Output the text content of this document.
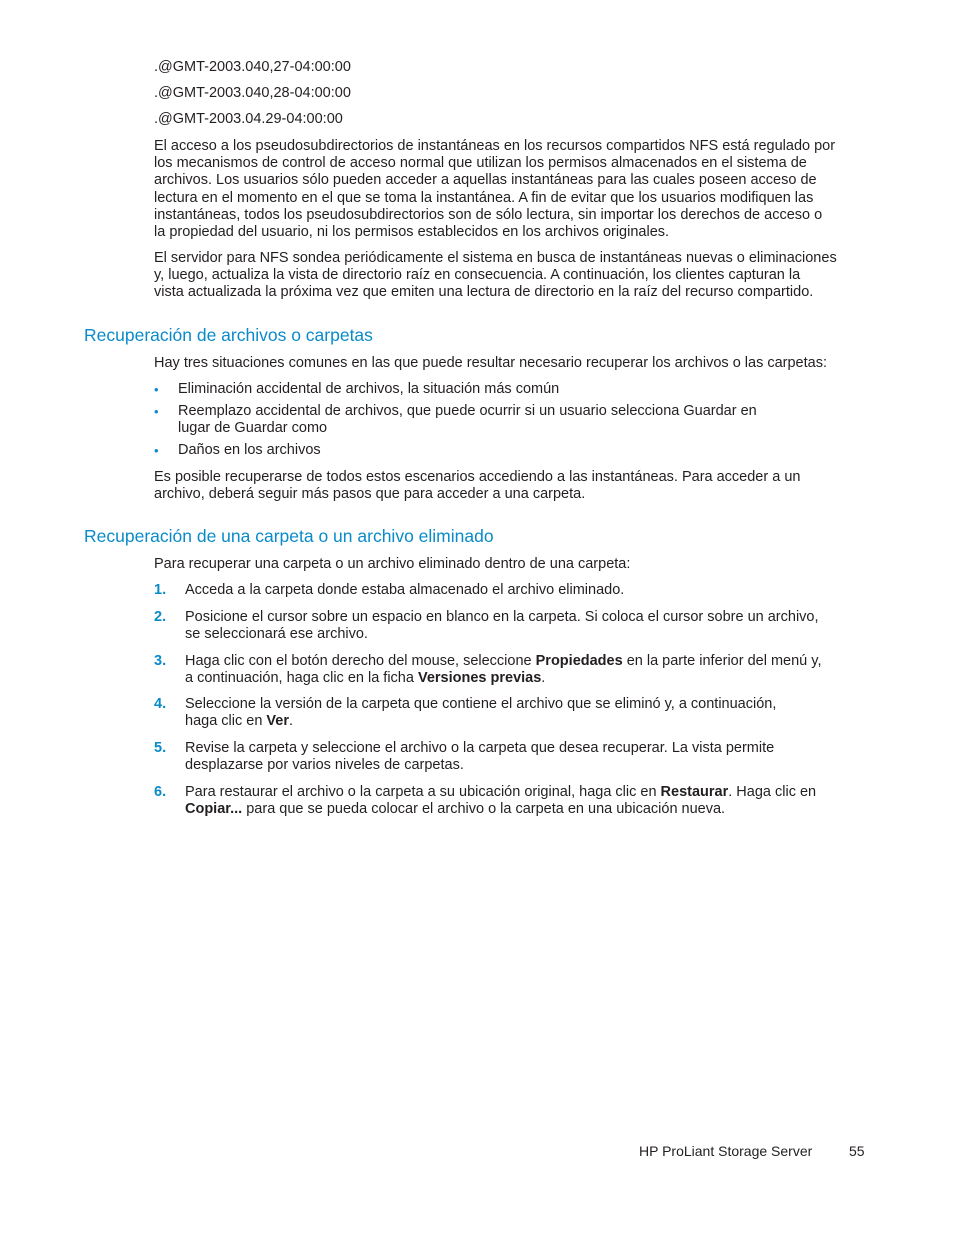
.@GMT-2003.040,27-04:00:00

.@GMT-2003.040,28-04:00:00

.@GMT-2003.04.29-04:00:00

El acceso a los pseudosubdirectorios de instantáneas en los recursos compartidos NFS está regulado por
los mecanismos de control de acceso normal que utilizan los permisos almacenados en el sistema de
archivos. Los usuarios sólo pueden acceder a aquellas instantáneas para las cuales poseen acceso de
lectura en el momento en el que se toma la instantánea. A fin de evitar que los usuarios modifiquen las
instantáneas, todos los pseudosubdirectorios son de sólo lectura, sin importar los derechos de acceso o
la propiedad del usuario, ni los permisos establecidos en los archivos originales.

El servidor para NFS sondea periódicamente el sistema en busca de instantáneas nuevas o eliminaciones
y, luego, actualiza la vista de directorio raíz en consecuencia. A continuación, los clientes capturan la
vista actualizada la próxima vez que emiten una lectura de directorio en la raíz del recurso compartido.

Recuperación de archivos o carpetas

Hay tres situaciones comunes en las que puede resultar necesario recuperar los archivos o las carpetas:

• Eliminación accidental de archivos, la situación más común
• Reemplazo accidental de archivos, que puede ocurrir si un usuario selecciona Guardar en
lugar de Guardar como
• Daños en los archivos

Es posible recuperarse de todos estos escenarios accediendo a las instantáneas. Para acceder a un
archivo, deberá seguir más pasos que para acceder a una carpeta.

Recuperación de una carpeta o un archivo eliminado

Para recuperar una carpeta o un archivo eliminado dentro de una carpeta:

1. Acceda a la carpeta donde estaba almacenado el archivo eliminado.
2. Posicione el cursor sobre un espacio en blanco en la carpeta. Si coloca el cursor sobre un archivo,
se seleccionará ese archivo.
3. Haga clic con el botón derecho del mouse, seleccione Propiedades en la parte inferior del menú y,
a continuación, haga clic en la ficha Versiones previas.
4. Seleccione la versión de la carpeta que contiene el archivo que se eliminó y, a continuación,
haga clic en Ver.
5. Revise la carpeta y seleccione el archivo o la carpeta que desea recuperar. La vista permite
desplazarse por varios niveles de carpetas.
6. Para restaurar el archivo o la carpeta a su ubicación original, haga clic en Restaurar. Haga clic en
Copiar... para que se pueda colocar el archivo o la carpeta en una ubicación nueva.
HP ProLiant Storage Server	55
